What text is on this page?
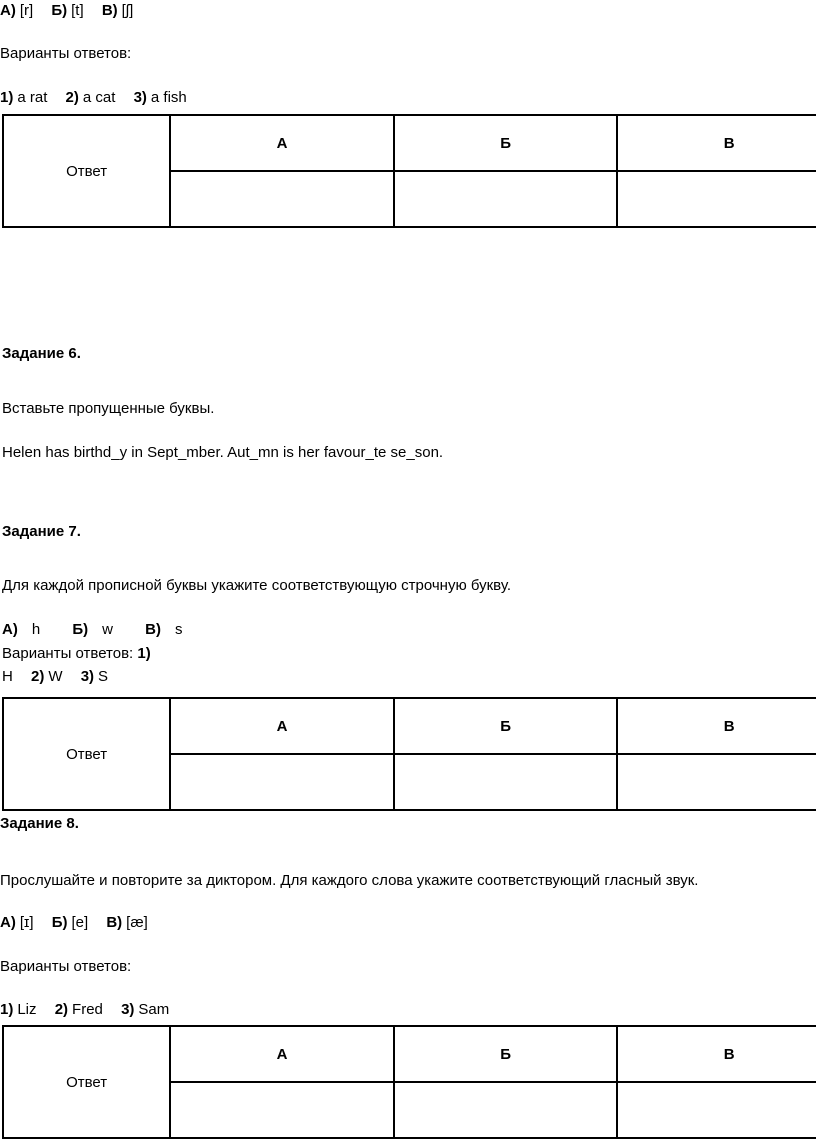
А) [r] Б) [t] В) [ʃ]
Варианты ответов:
1) a rat 2) a cat 3) a fish
Ответ	А	Б	В

Задание 6.
Вставьте пропущенные буквы.
Helen has birthd_y in Sept_mber. Aut_mn is her favour_te se_son.
Задание 7.
Для каждой прописной буквы укажите соответствующую строчную букву.
А) h Б) w В) s
Варианты ответов: 1)
H 2) W 3) S
Ответ	А	Б	В

Задание 8.
Прослушайте и повторите за диктором. Для каждого слова укажите соответствующий гласный звук.
А) [ɪ] Б) [e] В) [æ]
Варианты ответов:
1) Liz 2) Fred 3) Sam
Ответ	А	Б	В
